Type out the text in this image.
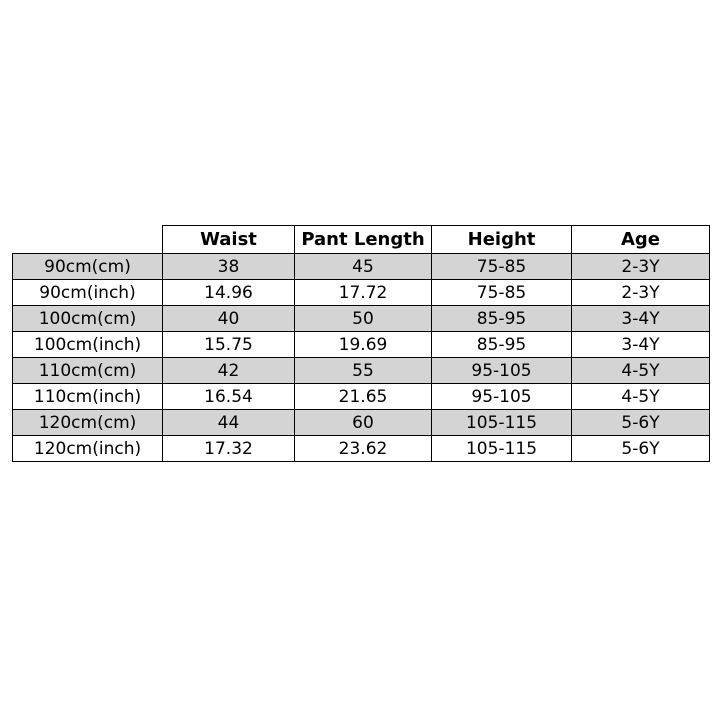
	Waist	Pant Length	Height	Age
90cm(cm)	38	45	75-85	2-3Y
90cm(inch)	14.96	17.72	75-85	2-3Y
100cm(cm)	40	50	85-95	3-4Y
100cm(inch)	15.75	19.69	85-95	3-4Y
110cm(cm)	42	55	95-105	4-5Y
110cm(inch)	16.54	21.65	95-105	4-5Y
120cm(cm)	44	60	105-115	5-6Y
120cm(inch)	17.32	23.62	105-115	5-6Y
